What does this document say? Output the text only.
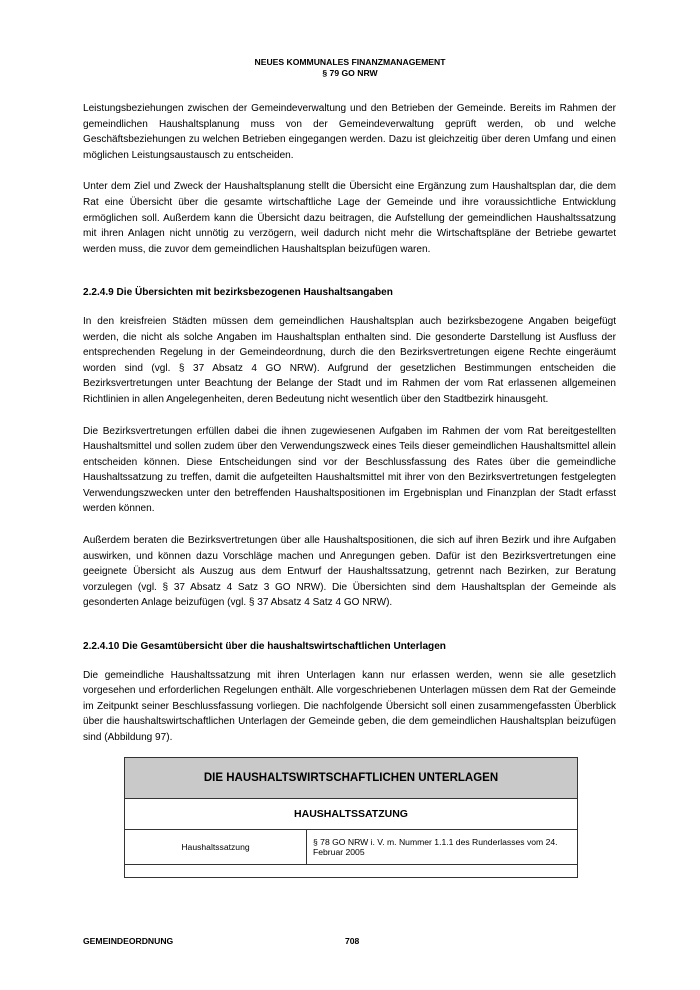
NEUES KOMMUNALES FINANZMANAGEMENT
§ 79 GO NRW

Leistungsbeziehungen zwischen der Gemeindeverwaltung und den Betrieben der Gemeinde. Bereits im Rahmen der gemeindlichen Haushaltsplanung muss von der Gemeindeverwaltung geprüft werden, ob und welche Geschäftsbeziehungen zu welchen Betrieben eingegangen werden. Dazu ist gleichzeitig über deren Umfang und einen möglichen Leistungsaustausch zu entscheiden.

Unter dem Ziel und Zweck der Haushaltsplanung stellt die Übersicht eine Ergänzung zum Haushaltsplan dar, die dem Rat eine Übersicht über die gesamte wirtschaftliche Lage der Gemeinde und ihre voraussichtliche Entwicklung ermöglichen soll. Außerdem kann die Übersicht dazu beitragen, die Aufstellung der gemeindlichen Haushaltssatzung mit ihren Anlagen nicht unnötig zu verzögern, weil dadurch nicht mehr die Wirtschaftspläne der Betriebe gewartet werden muss, die zuvor dem gemeindlichen Haushaltsplan beizufügen waren.

2.2.4.9 Die Übersichten mit bezirksbezogenen Haushaltsangaben

In den kreisfreien Städten müssen dem gemeindlichen Haushaltsplan auch bezirksbezogene Angaben beigefügt werden, die nicht als solche Angaben im Haushaltsplan enthalten sind. Die gesonderte Darstellung ist Ausfluss der entsprechenden Regelung in der Gemeindeordnung, durch die den Bezirksvertretungen eigene Rechte eingeräumt worden sind (vgl. § 37 Absatz 4 GO NRW). Aufgrund der gesetzlichen Bestimmungen entscheiden die Bezirksvertretungen unter Beachtung der Belange der Stadt und im Rahmen der vom Rat erlassenen allgemeinen Richtlinien in allen Angelegenheiten, deren Bedeutung nicht wesentlich über den Stadtbezirk hinausgeht.

Die Bezirksvertretungen erfüllen dabei die ihnen zugewiesenen Aufgaben im Rahmen der vom Rat bereitgestellten Haushaltsmittel und sollen zudem über den Verwendungszweck eines Teils dieser gemeindlichen Haushaltsmittel allein entscheiden können. Diese Entscheidungen sind vor der Beschlussfassung des Rates über die gemeindliche Haushaltssatzung zu treffen, damit die aufgeteilten Haushaltsmittel mit ihrer von den Bezirksvertretungen festgelegten Verwendungszwecken unter den betreffenden Haushaltspositionen im Ergebnisplan und Finanzplan der Stadt erfasst werden können.

Außerdem beraten die Bezirksvertretungen über alle Haushaltspositionen, die sich auf ihren Bezirk und ihre Aufgaben auswirken, und können dazu Vorschläge machen und Anregungen geben. Dafür ist den Bezirksvertretungen eine geeignete Übersicht als Auszug aus dem Entwurf der Haushaltssatzung, getrennt nach Bezirken, zur Beratung vorzulegen (vgl. § 37 Absatz 4 Satz 3 GO NRW). Die Übersichten sind dem Haushaltsplan der Gemeinde als gesonderten Anlage beizufügen (vgl. § 37 Absatz 4 Satz 4 GO NRW).

2.2.4.10 Die Gesamtübersicht über die haushaltswirtschaftlichen Unterlagen

Die gemeindliche Haushaltssatzung mit ihren Unterlagen kann nur erlassen werden, wenn sie alle gesetzlich vorgesehen und erforderlichen Regelungen enthält. Alle vorgeschriebenen Unterlagen müssen dem Rat der Gemeinde im Zeitpunkt seiner Beschlussfassung vorliegen. Die nachfolgende Übersicht soll einen zusammengefassten Überblick über die haushaltswirtschaftlichen Unterlagen der Gemeinde geben, die dem gemeindlichen Haushaltsplan beizufügen sind (Abbildung 97).

DIE HAUSHALTSWIRTSCHAFTLICHEN UNTERLAGEN
HAUSHALTSSATZUNG
Haushaltssatzung
§ 78 GO NRW i. V. m. Nummer 1.1.1 des Runderlasses vom 24. Februar 2005
GEMEINDEORDNUNG	708
